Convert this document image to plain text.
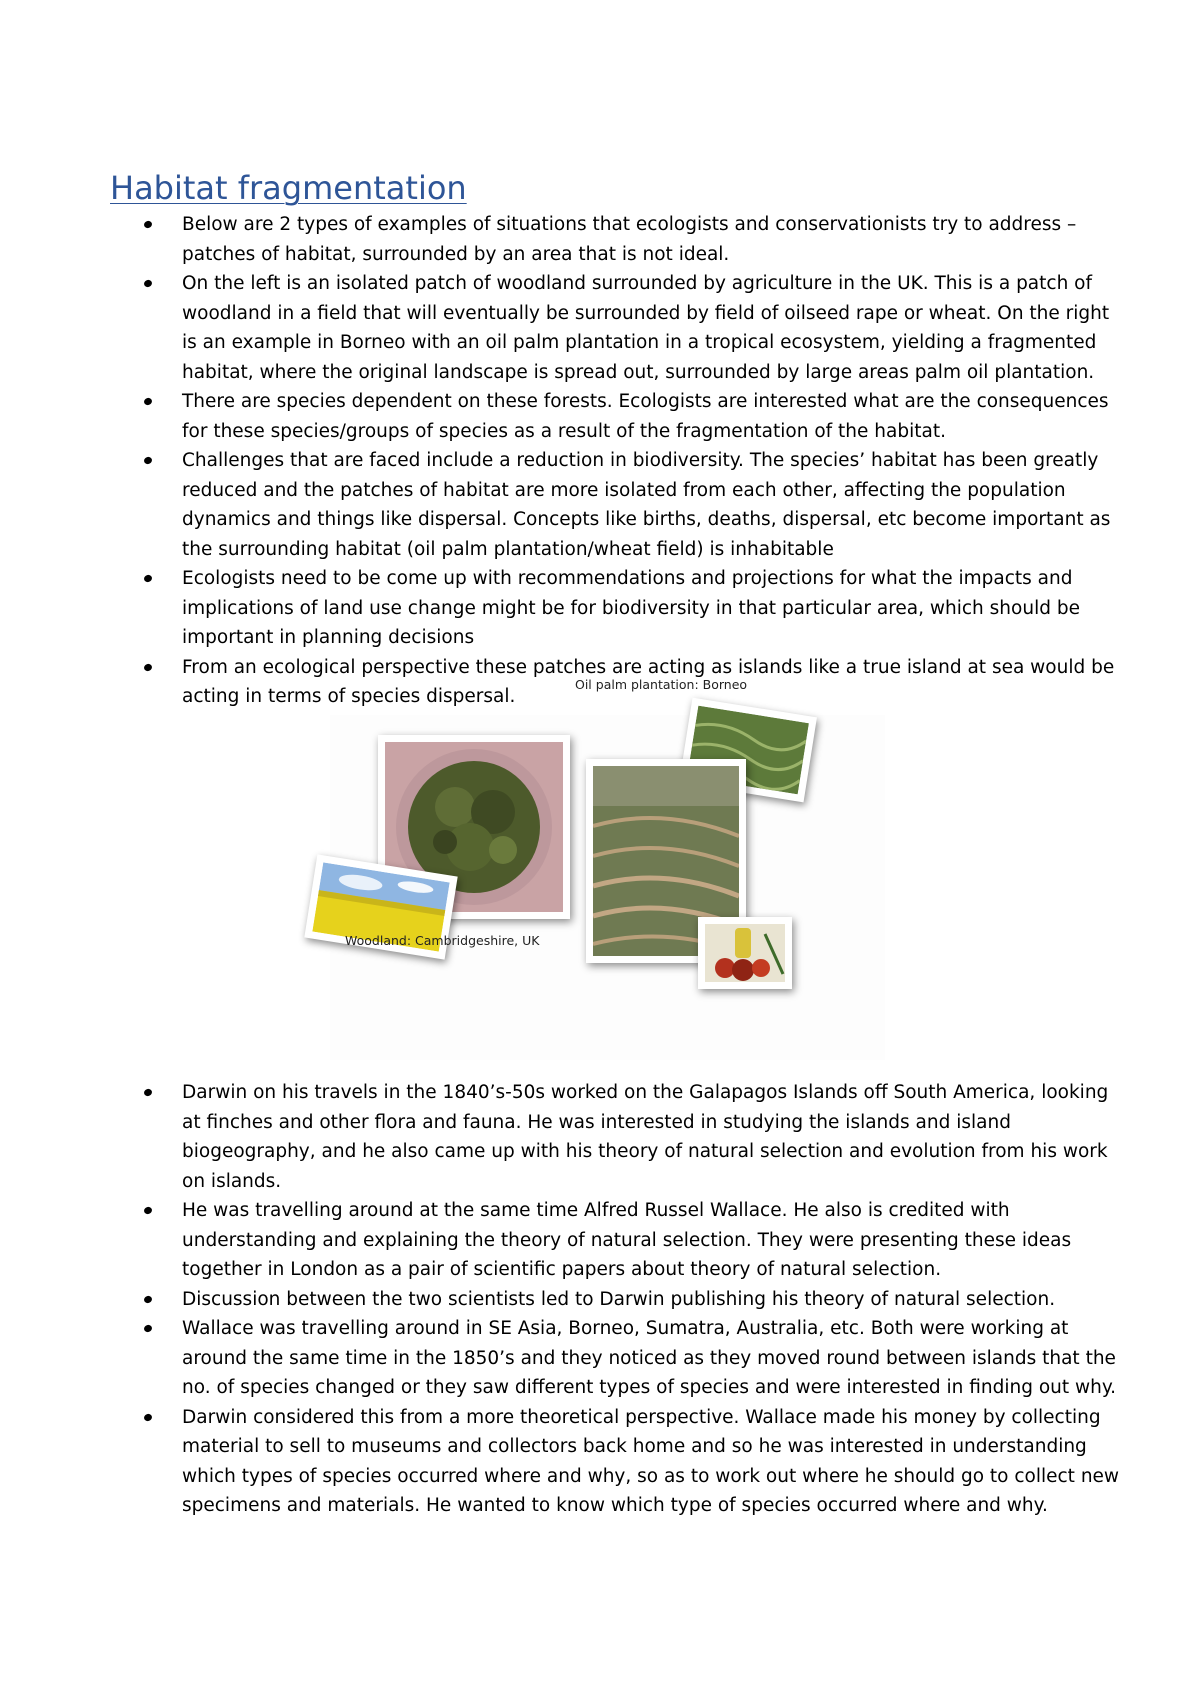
Habitat fragmentation
Below are 2 types of examples of situations that ecologists and conservationists try to address – patches of habitat, surrounded by an area that is not ideal.
On the left is an isolated patch of woodland surrounded by agriculture in the UK. This is a patch of woodland in a field that will eventually be surrounded by field of oilseed rape or wheat. On the right is an example in Borneo with an oil palm plantation in a tropical ecosystem, yielding a fragmented habitat, where the original landscape is spread out, surrounded by large areas palm oil plantation.
There are species dependent on these forests. Ecologists are interested what are the consequences for these species/groups of species as a result of the fragmentation of the habitat.
Challenges that are faced include a reduction in biodiversity. The species’ habitat has been greatly reduced and the patches of habitat are more isolated from each other, affecting the population dynamics and things like dispersal. Concepts like births, deaths, dispersal, etc become important as the surrounding habitat (oil palm plantation/wheat field) is inhabitable
Ecologists need to be come up with recommendations and projections for what the impacts and implications of land use change might be for biodiversity in that particular area, which should be important in planning decisions
From an ecological perspective these patches are acting as islands like a true island at sea would be acting in terms of species dispersal.
Woodland: Cambridgeshire, UK
Oil palm plantation: Borneo
Darwin on his travels in the 1840’s-50s worked on the Galapagos Islands off South America, looking at finches and other flora and fauna. He was interested in studying the islands and island biogeography, and he also came up with his theory of natural selection and evolution from his work on islands.
He was travelling around at the same time Alfred Russel Wallace. He also is credited with understanding and explaining the theory of natural selection. They were presenting these ideas together in London as a pair of scientific papers about theory of natural selection.
Discussion between the two scientists led to Darwin publishing his theory of natural selection.
Wallace was travelling around in SE Asia, Borneo, Sumatra, Australia, etc. Both were working at around the same time in the 1850’s and they noticed as they moved round between islands that the no. of species changed or they saw different types of species and were interested in finding out why.
Darwin considered this from a more theoretical perspective. Wallace made his money by collecting material to sell to museums and collectors back home and so he was interested in understanding which types of species occurred where and why, so as to work out where he should go to collect new specimens and materials. He wanted to know which type of species occurred where and why.
